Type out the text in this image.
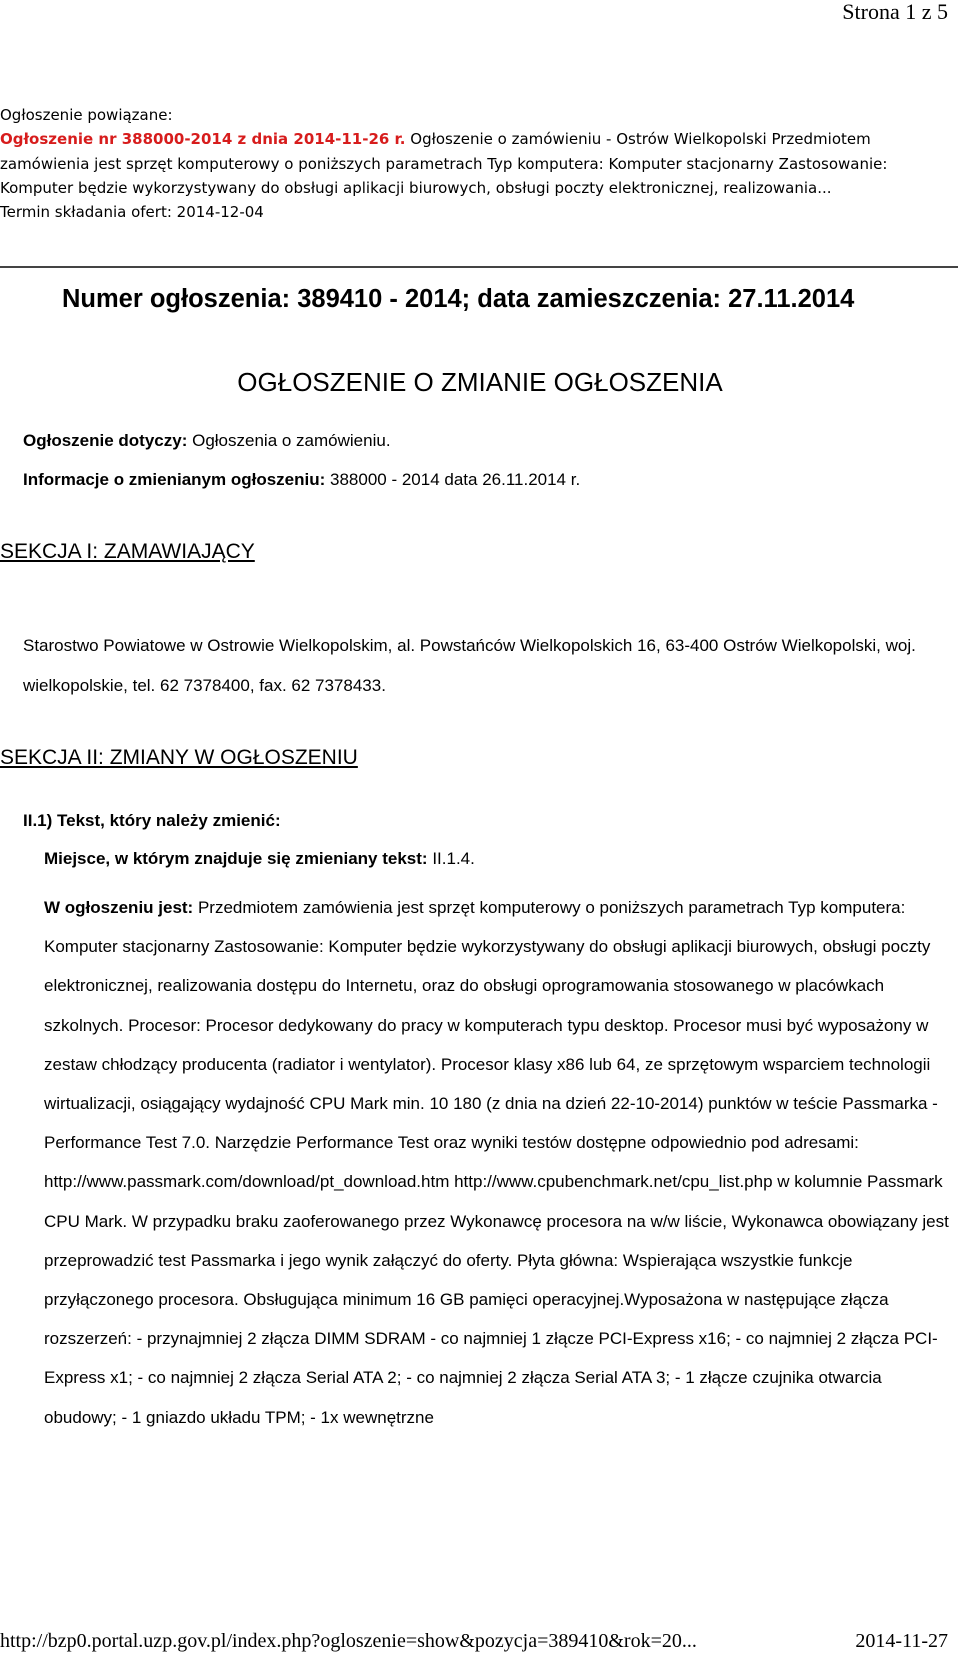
Strona 1 z 5

Ogłoszenie powiązane:

Ogłoszenie nr 388000-2014 z dnia 2014-11-26 r. Ogłoszenie o zamówieniu - Ostrów Wielkopolski Przedmiotem zamówienia jest sprzęt komputerowy o poniższych parametrach Typ komputera: Komputer stacjonarny Zastosowanie: Komputer będzie wykorzystywany do obsługi aplikacji biurowych, obsługi poczty elektronicznej, realizowania...

Termin składania ofert: 2014-12-04

Numer ogłoszenia: 389410 - 2014; data zamieszczenia: 27.11.2014
OGŁOSZENIE O ZMIANIE OGŁOSZENIA
Ogłoszenie dotyczy: Ogłoszenia o zamówieniu.
Informacje o zmienianym ogłoszeniu: 388000 - 2014 data 26.11.2014 r.
SEKCJA I: ZAMAWIAJĄCY
Starostwo Powiatowe w Ostrowie Wielkopolskim, al. Powstańców Wielkopolskich 16, 63-400 Ostrów Wielkopolski, woj. wielkopolskie, tel. 62 7378400, fax. 62 7378433.
SEKCJA II: ZMIANY W OGŁOSZENIU
II.1) Tekst, który należy zmienić:
Miejsce, w którym znajduje się zmieniany tekst: II.1.4.
W ogłoszeniu jest: Przedmiotem zamówienia jest sprzęt komputerowy o poniższych parametrach Typ komputera: Komputer stacjonarny Zastosowanie: Komputer będzie wykorzystywany do obsługi aplikacji biurowych, obsługi poczty elektronicznej, realizowania dostępu do Internetu, oraz do obsługi oprogramowania stosowanego w placówkach szkolnych. Procesor: Procesor dedykowany do pracy w komputerach typu desktop. Procesor musi być wyposażony w zestaw chłodzący producenta (radiator i wentylator). Procesor klasy x86 lub 64, ze sprzętowym wsparciem technologii wirtualizacji, osiągający wydajność CPU Mark min. 10 180 (z dnia na dzień 22-10-2014) punktów w teście Passmarka - Performance Test 7.0. Narzędzie Performance Test oraz wyniki testów dostępne odpowiednio pod adresami: http://www.passmark.com/download/pt_download.htm http://www.cpubenchmark.net/cpu_list.php w kolumnie Passmark CPU Mark. W przypadku braku zaoferowanego przez Wykonawcę procesora na w/w liście, Wykonawca obowiązany jest przeprowadzić test Passmarka i jego wynik załączyć do oferty. Płyta główna: Wspierająca wszystkie funkcje przyłączonego procesora. Obsługująca minimum 16 GB pamięci operacyjnej.Wyposażona w następujące złącza rozszerzeń: - przynajmniej 2 złącza DIMM SDRAM - co najmniej 1 złącze PCI-Express x16; - co najmniej 2 złącza PCI-Express x1; - co najmniej 2 złącza Serial ATA 2; - co najmniej 2 złącza Serial ATA 3; - 1 złącze czujnika otwarcia obudowy; - 1 gniazdo układu TPM; - 1x wewnętrzne
http://bzp0.portal.uzp.gov.pl/index.php?ogloszenie=show&pozycja=389410&rok=20...	2014-11-27
